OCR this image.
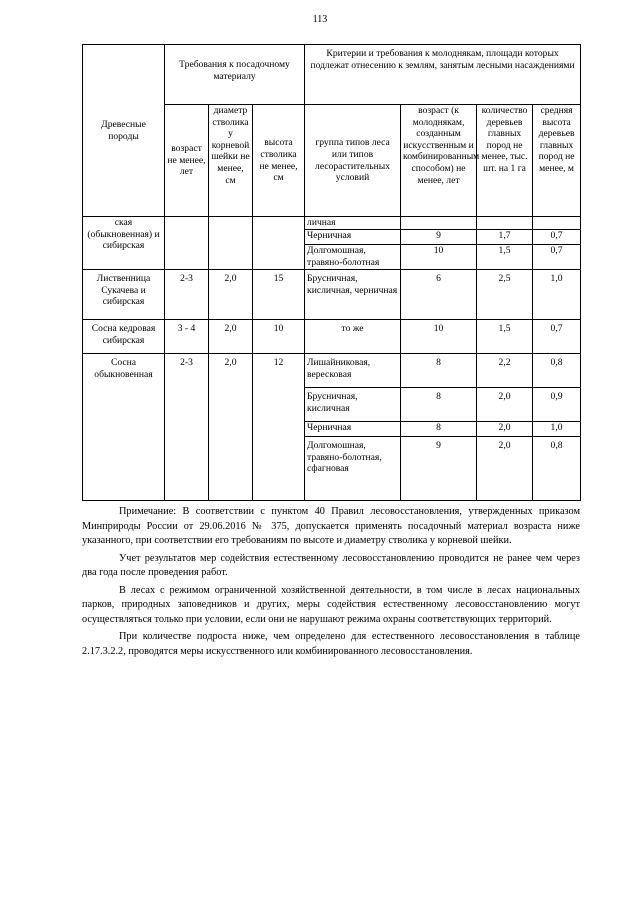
113
Древесные породы	Требования к посадочному материалу			Критерии и требования к молоднякам, площади которых подлежат отнесению к землям, занятым лесными насаждениями			
	возраст не менее, лет	диаметр стволика у корневой шейки не менее, см	высота стволика не менее, см	группа типов леса или типов лесорастительных условий	возраст (к молоднякам, созданным искусственным и комбинированным способом) не менее, лет	количество деревьев главных пород не менее, тыс. шт. на 1 га	средняя высота деревьев главных пород не менее, м
ская (обыкновенная) и сибирская				личная			
				Черничная	9	1,7	0,7
				Долгомошная, травяно-болотная	10	1,5	0,7
Лиственница Сукачева и сибирская	2-3	2,0	15	Брусничная, кисличная, черничная	6	2,5	1,0
Сосна кедровая сибирская	3 - 4	2,0	10	то же	10	1,5	0,7
Сосна обыкновенная	2-3	2,0	12	Лишайниковая, вересковая	8	2,2	0,8
				Брусничная, кисличная	8	2,0	0,9
				Черничная	8	2,0	1,0
				Долгомошная, травяно-болотная, сфагновая	9	2,0	0,8

Примечание: В соответствии с пунктом 40 Правил лесовосстановления, утвержденных приказом Минприроды России от 29.06.2016 № 375, допускается применять посадочный материал возраста ниже указанного, при соответствии его требованиям по высоте и диаметру стволика у корневой шейки.

Учет результатов мер содействия естественному лесовосстановлению проводится не ранее чем через два года после проведения работ.

В лесах с режимом ограниченной хозяйственной деятельности, в том числе в лесах национальных парков, природных заповедников и других, меры содействия естественному лесовосстановлению могут осуществляться только при условии, если они не нарушают режима охраны соответствующих территорий.

При количестве подроста ниже, чем определено для естественного лесовосстановления в таблице 2.17.3.2.2, проводятся меры искусственного или комбинированного лесовосстановления.
